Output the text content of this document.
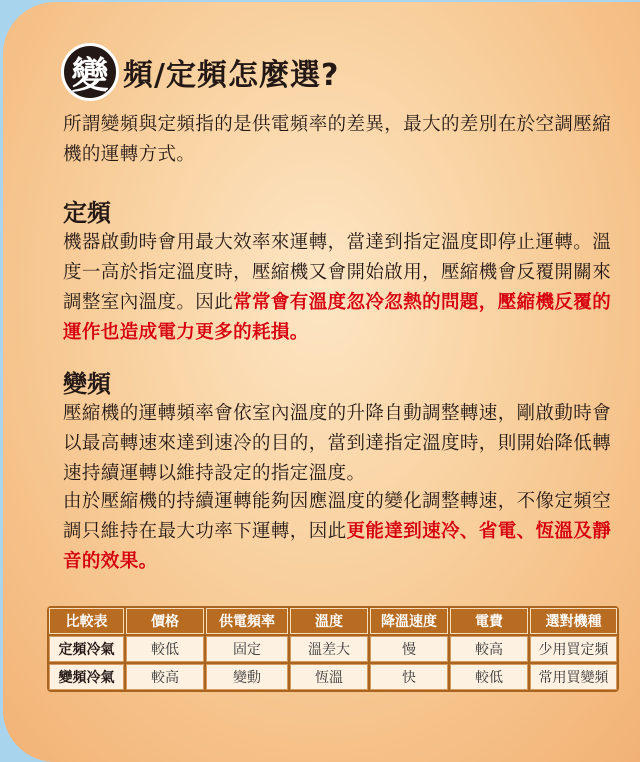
變 頻/定頻怎麼選?

所謂變頻與定頻指的是供電頻率的差異，最大的差別在於空調壓縮機的運轉方式。

定頻

機器啟動時會用最大效率來運轉，當達到指定溫度即停止運轉。溫度一高於指定溫度時，壓縮機又會開始啟用，壓縮機會反覆開關來調整室內溫度。因此常常會有溫度忽冷忽熱的問題，壓縮機反覆的運作也造成電力更多的耗損。

變頻

壓縮機的運轉頻率會依室內溫度的升降自動調整轉速，剛啟動時會以最高轉速來達到速冷的目的，當到達指定溫度時，則開始降低轉速持續運轉以維持設定的指定溫度。

由於壓縮機的持續運轉能夠因應溫度的變化調整轉速，不像定頻空調只維持在最大功率下運轉，因此更能達到速冷、省電、恆溫及靜音的效果。

比較表	價格	供電頻率	溫度	降溫速度	電費	選對機種
定頻冷氣	較低	固定	溫差大	慢	較高	少用買定頻
變頻冷氣	較高	變動	恆溫	快	較低	常用買變頻
